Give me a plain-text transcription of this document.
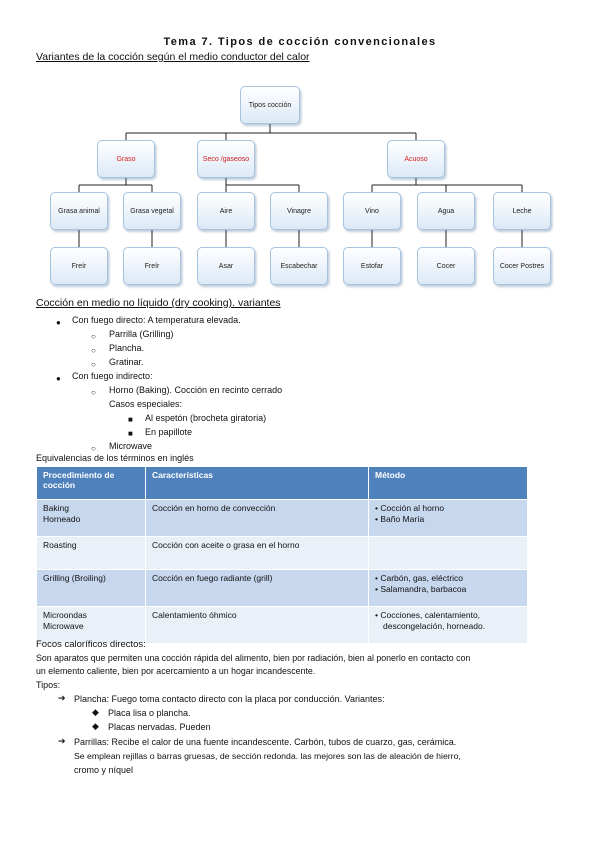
Tema 7. Tipos de cocción convencionales
Variantes de la cocción según el medio conductor del calor
Tipos cocción
Graso	Seco /gaseoso	Acuoso
Grasa animal	Grasa vegetal	Aire	Vinagre	Vino	Agua	Leche
Freír	Freír	Asar	Escabechar	Estofar	Cocer	Cocer Postres
Cocción en medio no líquido (dry cooking). variantes
● Con fuego directo: A temperatura elevada.
○ Parrilla (Grilling)
○ Plancha.
○ Gratinar.
● Con fuego indirecto:
○ Horno (Baking). Cocción en recinto cerrado
Casos especiales:
■ Al espetón (brocheta giratoria)
■ En papillote
○ Microwave
Equivalencias de los términos en inglés
Procedimiento de cocción	Características	Método

Baking
Horneado	Cocción en horno de convección	• Cocción al horno
• Baño María

Roasting	Cocción con aceite o grasa en el horno	
Grilling (Broiling)	Cocción en fuego radiante (grill)	• Carbón, gas, eléctrico
• Salamandra, barbacoa

Microondas
Microwave	Calentamiento óhmico	• Cocciones, calentamiento,
descongelación, horneado.
Focos caloríficos directos:
Son aparatos que permiten una cocción rápida del alimento, bien por radiación, bien al ponerlo en contacto con
un elemento caliente, bien por acercamiento a un hogar incandescente.
Tipos:
➔ Plancha: Fuego toma contacto directo con la placa por conducción. Variantes:
◆ Placa lisa o plancha.
◆ Placas nervadas. Pueden
➔ Parrillas: Recibe el calor de una fuente incandescente. Carbón, tubos de cuarzo, gas, cerámica.
Se emplean rejillas o barras gruesas, de sección redonda. las mejores son las de aleación de hierro,
cromo y níquel
